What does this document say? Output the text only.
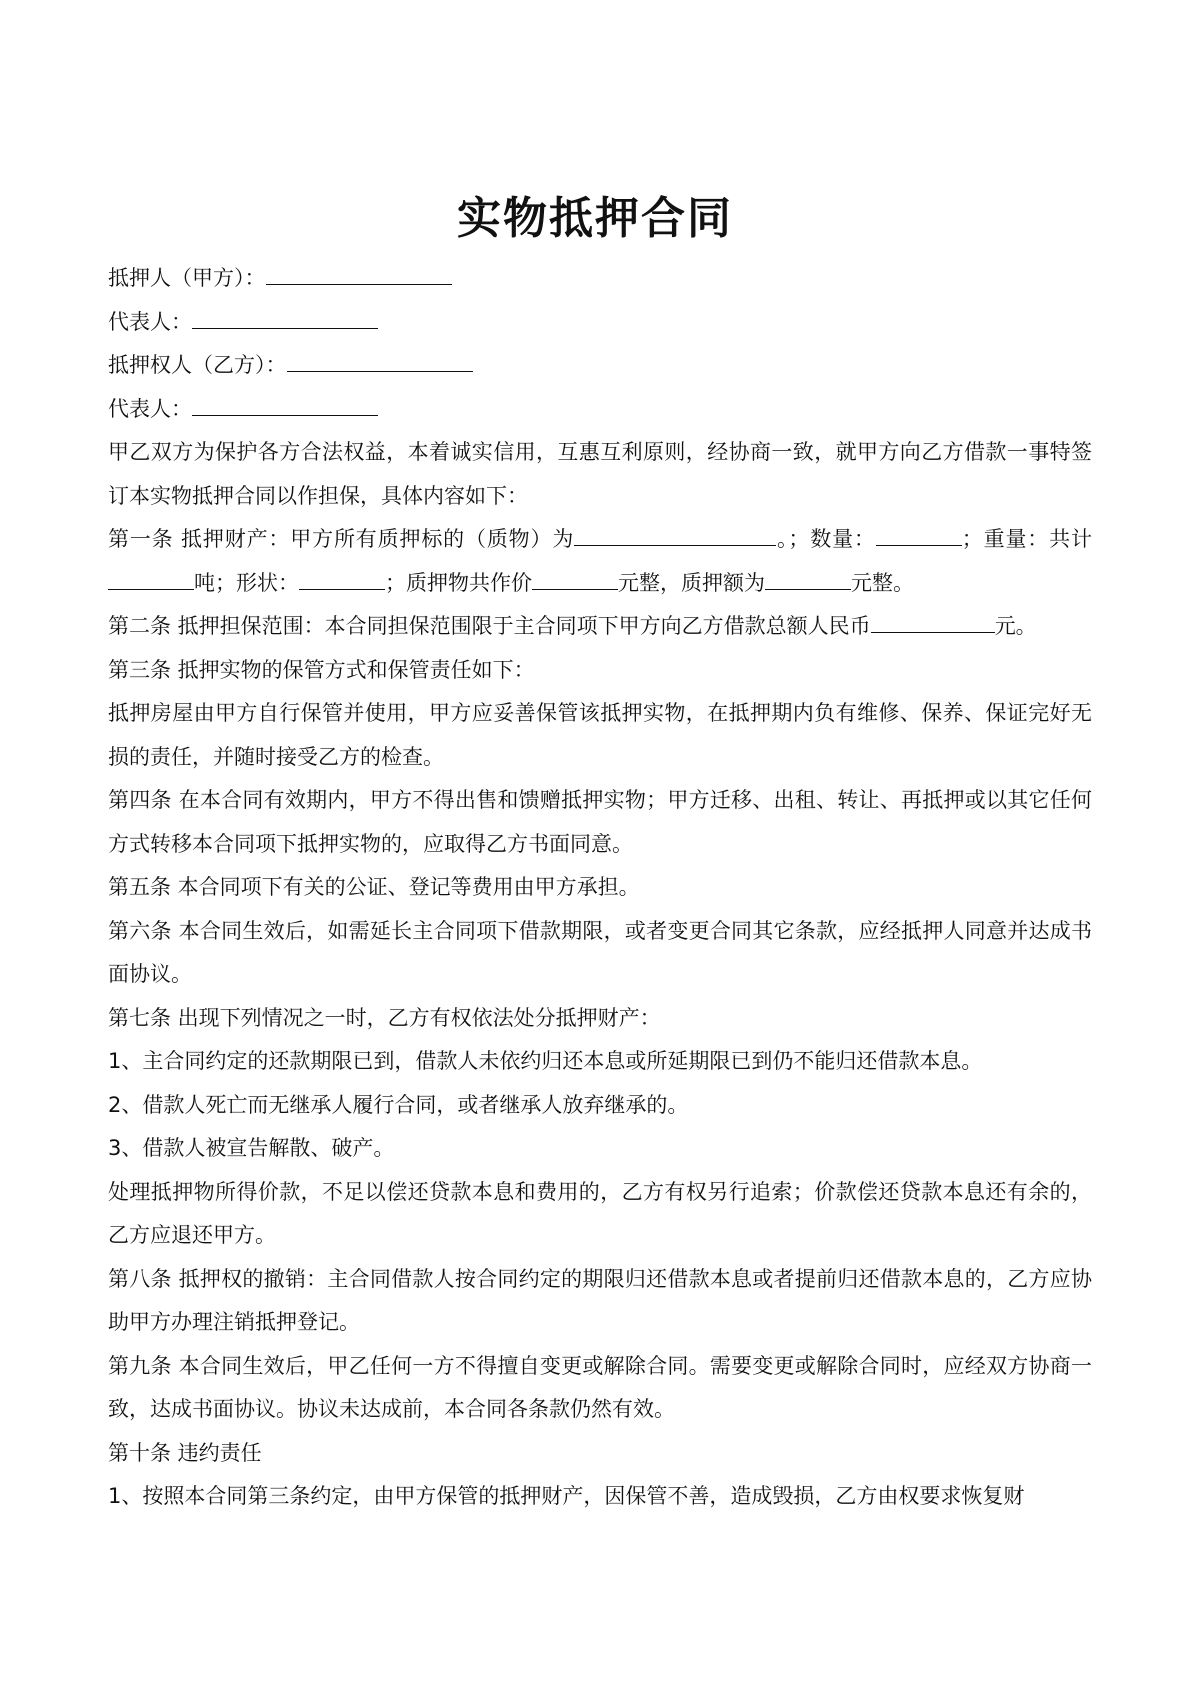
实物抵押合同

抵押人（甲方）：

代表人：

抵押权人（乙方）：

代表人：

甲乙双方为保护各方合法权益，本着诚实信用，互惠互利原则，经协商一致，就甲方向乙方借款一事特签订本实物抵押合同以作担保，具体内容如下：

第一条 抵押财产：甲方所有质押标的（质物）为	。；数量：	；重量：共计吨；形状：	；质押物共作价	元整，质押额为	元整。

第二条 抵押担保范围：本合同担保范围限于主合同项下甲方向乙方借款总额人民币	元。

第三条 抵押实物的保管方式和保管责任如下：

抵押房屋由甲方自行保管并使用，甲方应妥善保管该抵押实物，在抵押期内负有维修、保养、保证完好无损的责任，并随时接受乙方的检查。

第四条 在本合同有效期内，甲方不得出售和馈赠抵押实物；甲方迁移、出租、转让、再抵押或以其它任何方式转移本合同项下抵押实物的，应取得乙方书面同意。

第五条 本合同项下有关的公证、登记等费用由甲方承担。

第六条 本合同生效后，如需延长主合同项下借款期限，或者变更合同其它条款，应经抵押人同意并达成书面协议。

第七条 出现下列情况之一时，乙方有权依法处分抵押财产：

1、主合同约定的还款期限已到，借款人未依约归还本息或所延期限已到仍不能归还借款本息。

2、借款人死亡而无继承人履行合同，或者继承人放弃继承的。

3、借款人被宣告解散、破产。

处理抵押物所得价款，不足以偿还贷款本息和费用的，乙方有权另行追索；价款偿还贷款本息还有余的，乙方应退还甲方。

第八条 抵押权的撤销：主合同借款人按合同约定的期限归还借款本息或者提前归还借款本息的，乙方应协助甲方办理注销抵押登记。

第九条 本合同生效后，甲乙任何一方不得擅自变更或解除合同。需要变更或解除合同时，应经双方协商一致，达成书面协议。协议未达成前，本合同各条款仍然有效。

第十条 违约责任

1、按照本合同第三条约定，由甲方保管的抵押财产，因保管不善，造成毁损，乙方由权要求恢复财
